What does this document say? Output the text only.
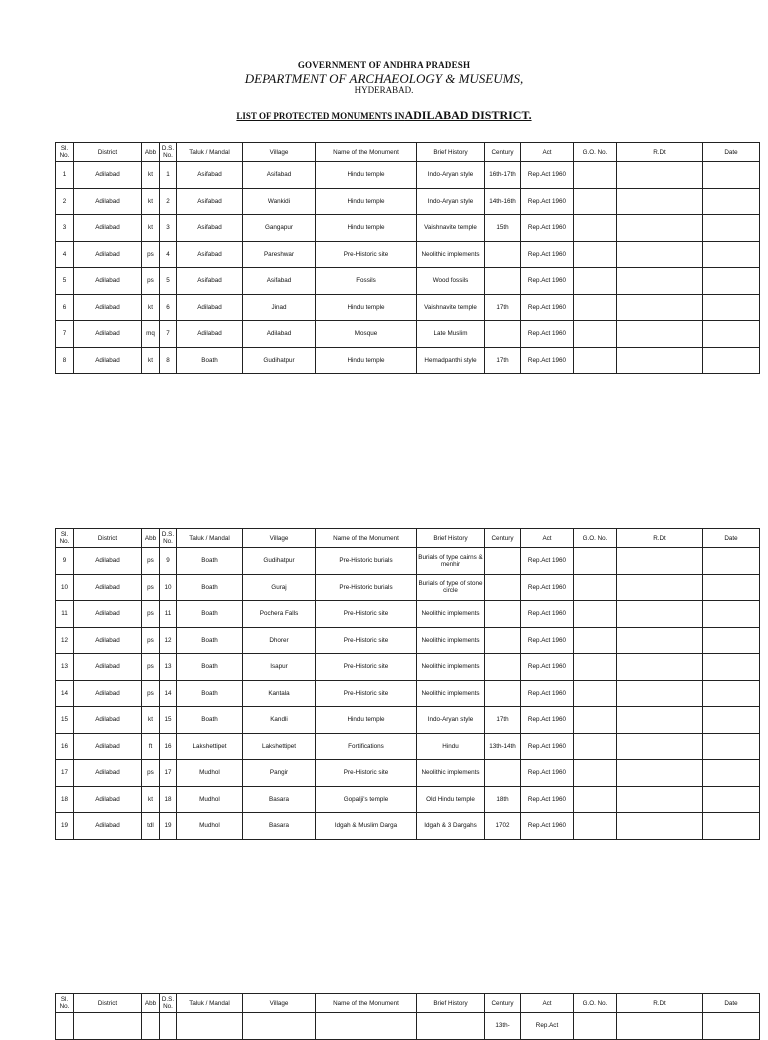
GOVERNMENT OF ANDHRA PRADESH
DEPARTMENT OF ARCHAEOLOGY & MUSEUMS,
HYDERABAD.
LIST OF PROTECTED MONUMENTS INADILABAD DISTRICT.
Sl. No.	District	Abb	D.S. No.	Taluk / Mandal	Village	Name of the Monument	Brief History	Century	Act	G.O. No.	R.Dt	Date
1	Adilabad	kt	1	Asifabad	Asifabad	Hindu temple	Indo-Aryan style	16th-17th	Rep.Act 1960			
2	Adilabad	kt	2	Asifabad	Wankidi	Hindu temple	Indo-Aryan style	14th-16th	Rep.Act 1960			
3	Adilabad	kt	3	Asifabad	Gangapur	Hindu temple	Vaishnavite temple	15th	Rep.Act 1960			
4	Adilabad	ps	4	Asifabad	Pareshwar	Pre-Historic site	Neolithic implements		Rep.Act 1960			
5	Adilabad	ps	5	Asifabad	Asifabad	Fossils	Wood fossils		Rep.Act 1960			
6	Adilabad	kt	6	Adilabad	Jinad	Hindu temple	Vaishnavite temple	17th	Rep.Act 1960			
7	Adilabad	mq	7	Adilabad	Adilabad	Mosque	Late Muslim		Rep.Act 1960			
8	Adilabad	kt	8	Boath	Gudihatpur	Hindu temple	Hemadpanthi style	17th	Rep.Act 1960			
Sl. No.	District	Abb	D.S. No.	Taluk / Mandal	Village	Name of the Monument	Brief History	Century	Act	G.O. No.	R.Dt	Date
9	Adilabad	ps	9	Boath	Gudihatpur	Pre-Historic burials	Burials of type cairns & menhir		Rep.Act 1960			
10	Adilabad	ps	10	Boath	Guraj	Pre-Historic burials	Burials of type of stone circle		Rep.Act 1960			
11	Adilabad	ps	11	Boath	Pochera Falls	Pre-Historic site	Neolithic implements		Rep.Act 1960			
12	Adilabad	ps	12	Boath	Dhorer	Pre-Historic site	Neolithic implements		Rep.Act 1960			
13	Adilabad	ps	13	Boath	Isapur	Pre-Historic site	Neolithic implements		Rep.Act 1960			
14	Adilabad	ps	14	Boath	Kantala	Pre-Historic site	Neolithic implements		Rep.Act 1960			
15	Adilabad	kt	15	Boath	Kandli	Hindu temple	Indo-Aryan style	17th	Rep.Act 1960			
16	Adilabad	ft	16	Lakshettipet	Lakshettipet	Fortifications	Hindu	13th-14th	Rep.Act 1960			
17	Adilabad	ps	17	Mudhol	Pangir	Pre-Historic site	Neolithic implements		Rep.Act 1960			
18	Adilabad	kt	18	Mudhol	Basara	Gopalji's temple	Old Hindu temple	18th	Rep.Act 1960			
19	Adilabad	tdl	19	Mudhol	Basara	Idgah & Muslim Darga	Idgah & 3 Dargahs	1702	Rep.Act 1960			
Sl. No.	District	Abb	D.S. No.	Taluk / Mandal	Village	Name of the Monument	Brief History	Century	Act	G.O. No.	R.Dt	Date
								13th-	Rep.Act			
